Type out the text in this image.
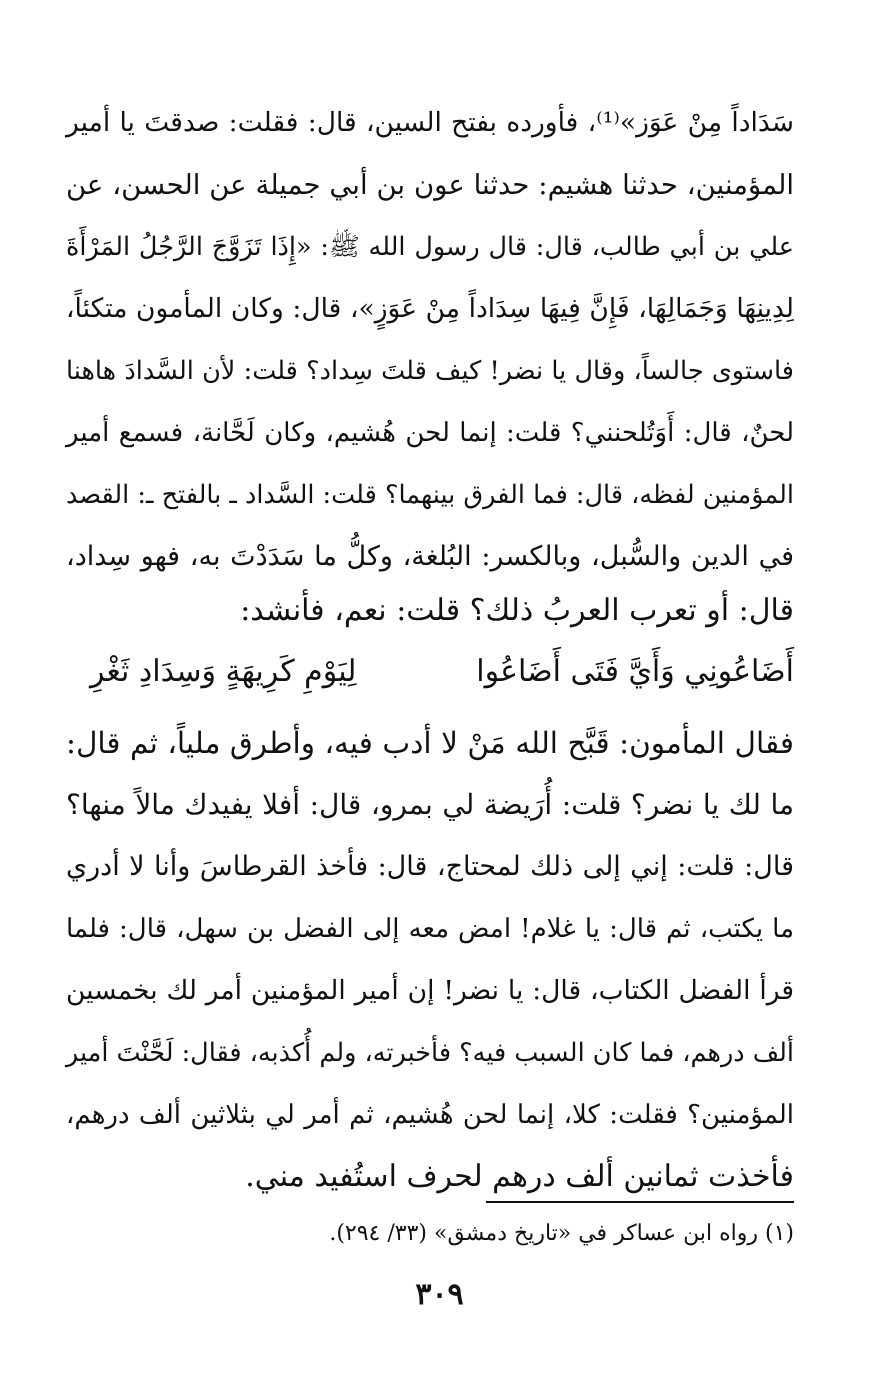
سَدَاداً مِنْ عَوَز»⁽¹⁾، فأورده بفتح السين، قال: فقلت: صدقتَ يا أمير
المؤمنين، حدثنا هشيم: حدثنا عون بن أبي جميلة عن الحسن، عن
علي بن أبي طالب، قال: قال رسول الله ﷺ: «إِذَا تَزَوَّجَ الرَّجُلُ المَرْأَةَ
لِدِينِهَا وَجَمَالِهَا، فَإِنَّ فِيهَا سِدَاداً مِنْ عَوَزٍ»، قال: وكان المأمون متكئاً،
فاستوى جالساً، وقال يا نضر! كيف قلتَ سِداد؟ قلت: لأن السَّدادَ هاهنا
لحنٌ، قال: أَوَتُلحنني؟ قلت: إنما لحن هُشيم، وكان لَحَّانة، فسمع أمير
المؤمنين لفظه، قال: فما الفرق بينهما؟ قلت: السَّداد ـ بالفتح ـ: القصد
في الدين والسُّبل، وبالكسر: البُلغة، وكلُّ ما سَدَدْتَ به، فهو سِداد،
قال: أو تعرب العربُ ذلك؟ قلت: نعم، فأنشد:
أَضَاعُونِي وَأَيَّ فَتَى أَضَاعُوا
لِيَوْمِ كَرِيهَةٍ وَسِدَادِ ثَغْرِ
فقال المأمون: قَبَّح الله مَنْ لا أدب فيه، وأطرق ملياً، ثم قال:
ما لك يا نضر؟ قلت: أُرَيضة لي بمرو، قال: أفلا يفيدك مالاً منها؟
قال: قلت: إني إلى ذلك لمحتاج، قال: فأخذ القرطاسَ وأنا لا أدري
ما يكتب، ثم قال: يا غلام! امض معه إلى الفضل بن سهل، قال: فلما
قرأ الفضل الكتاب، قال: يا نضر! إن أمير المؤمنين أمر لك بخمسين
ألف درهم، فما كان السبب فيه؟ فأخبرته، ولم أُكذبه، فقال: لَحَّنْتَ أمير
المؤمنين؟ فقلت: كلا، إنما لحن هُشيم، ثم أمر لي بثلاثين ألف درهم،
فأخذت ثمانين ألف درهم لحرف استُفيد مني.
(١) رواه ابن عساكر في «تاريخ دمشق» (٣٣/ ٢٩٤).
٣٠٩
